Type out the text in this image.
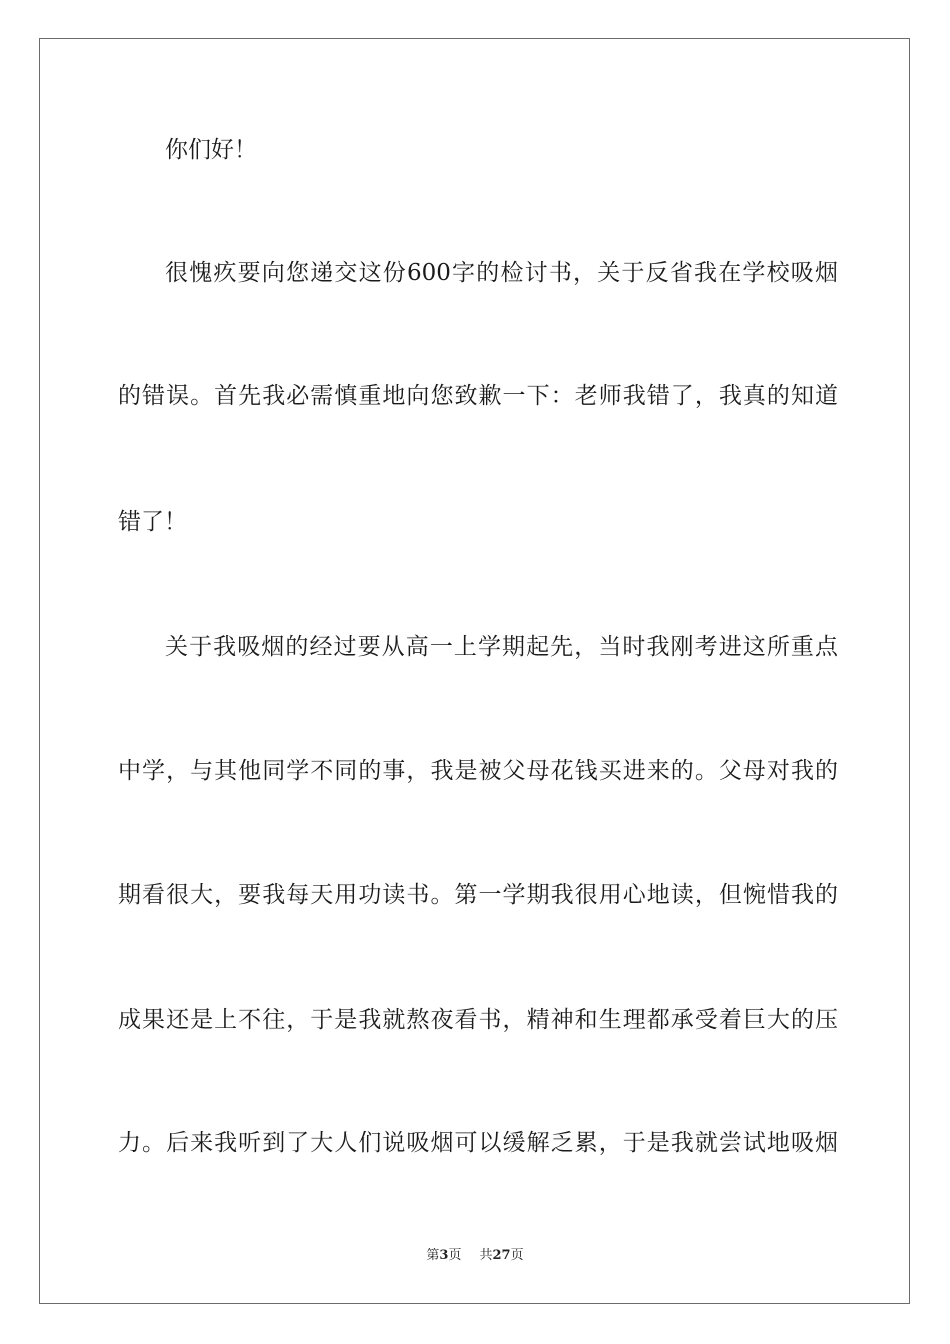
你们好！
很愧疚要向您递交这份600字的检讨书，关于反省我在学校吸烟
的错误。首先我必需慎重地向您致歉一下：老师我错了，我真的知道
错了！
关于我吸烟的经过要从高一上学期起先，当时我刚考进这所重点
中学，与其他同学不同的事，我是被父母花钱买进来的。父母对我的
期看很大，要我每天用功读书。第一学期我很用心地读，但惋惜我的
成果还是上不往，于是我就熬夜看书，精神和生理都承受着巨大的压
力。后来我听到了大人们说吸烟可以缓解乏累，于是我就尝试地吸烟
第3页 共27页
